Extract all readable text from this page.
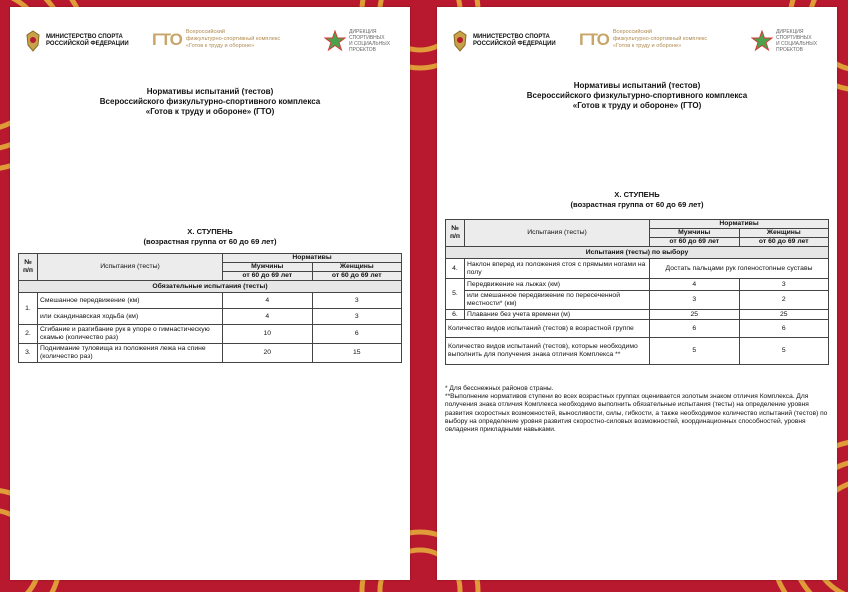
МИНИСТЕРСТВО СПОРТА
РОССИЙСКОЙ ФЕДЕРАЦИИ ГТО Всероссийский
физкультурно-спортивный комплекс
«Готов к труду и обороне»
ДИРЕКЦИЯ
СПОРТИВНЫХ
И СОЦИАЛЬНЫХ
ПРОЕКТОВ
Нормативы испытаний (тестов)
Всероссийского физкультурно-спортивного комплекса
«Готов к труду и обороне» (ГТО)
X. СТУПЕНЬ
(возрастная группа от 60 до 69 лет)
№
п/п	Испытания (тесты)	Нормативы	
		Мужчины	Женщины
		от 60 до 69 лет	от 60 до 69 лет
Обязательные испытания (тесты)			
1.	Смешанное передвижение (км)	4	3
	или скандинавская ходьба (км)	4	3
2.	Сгибание и разгибание рук в упоре о гимнастическую скамью (количество раз)	10	6
3.	Поднимание туловища из положения лежа на спине (количество раз)	20	15
МИНИСТЕРСТВО СПОРТА
РОССИЙСКОЙ ФЕДЕРАЦИИ ГТО Всероссийский
физкультурно-спортивный комплекс
«Готов к труду и обороне»
ДИРЕКЦИЯ
СПОРТИВНЫХ
И СОЦИАЛЬНЫХ
ПРОЕКТОВ
Нормативы испытаний (тестов)
Всероссийского физкультурно-спортивного комплекса
«Готов к труду и обороне» (ГТО)
X. СТУПЕНЬ
(возрастная группа от 60 до 69 лет)
№
п/п	Испытания (тесты)	Нормативы	
		Мужчины	Женщины
		от 60 до 69 лет	от 60 до 69 лет
Испытания (тесты) по выбору			
4.	Наклон вперед из положения стоя с прямыми ногами на полу	Достать пальцами рук голеностопные суставы	
5.	Передвижение на лыжах (км)	4	3
	или смешанное передвижение по пересеченной местности* (км)	3	2
6.	Плавание без учета времени (м)	25	25
Количество видов испытаний (тестов) в возрастной группе		6	6
Количество видов испытаний (тестов), которые необходимо выполнить для получения знака отличия Комплекса **		5	5
* Для бесснежных районов страны.
**Выполнение нормативов ступени во всех возрастных группах оценивается золотым знаком отличия Комплекса. Для получения знака отличия Комплекса необходимо выполнить обязательные испытания (тесты) на определение уровня развития скоростных возможностей, выносливости, силы, гибкости, а также необходимое количество испытаний (тестов) по выбору на определение уровня развития скоростно-силовых возможностей, координационных способностей, уровня овладения прикладными навыками.
